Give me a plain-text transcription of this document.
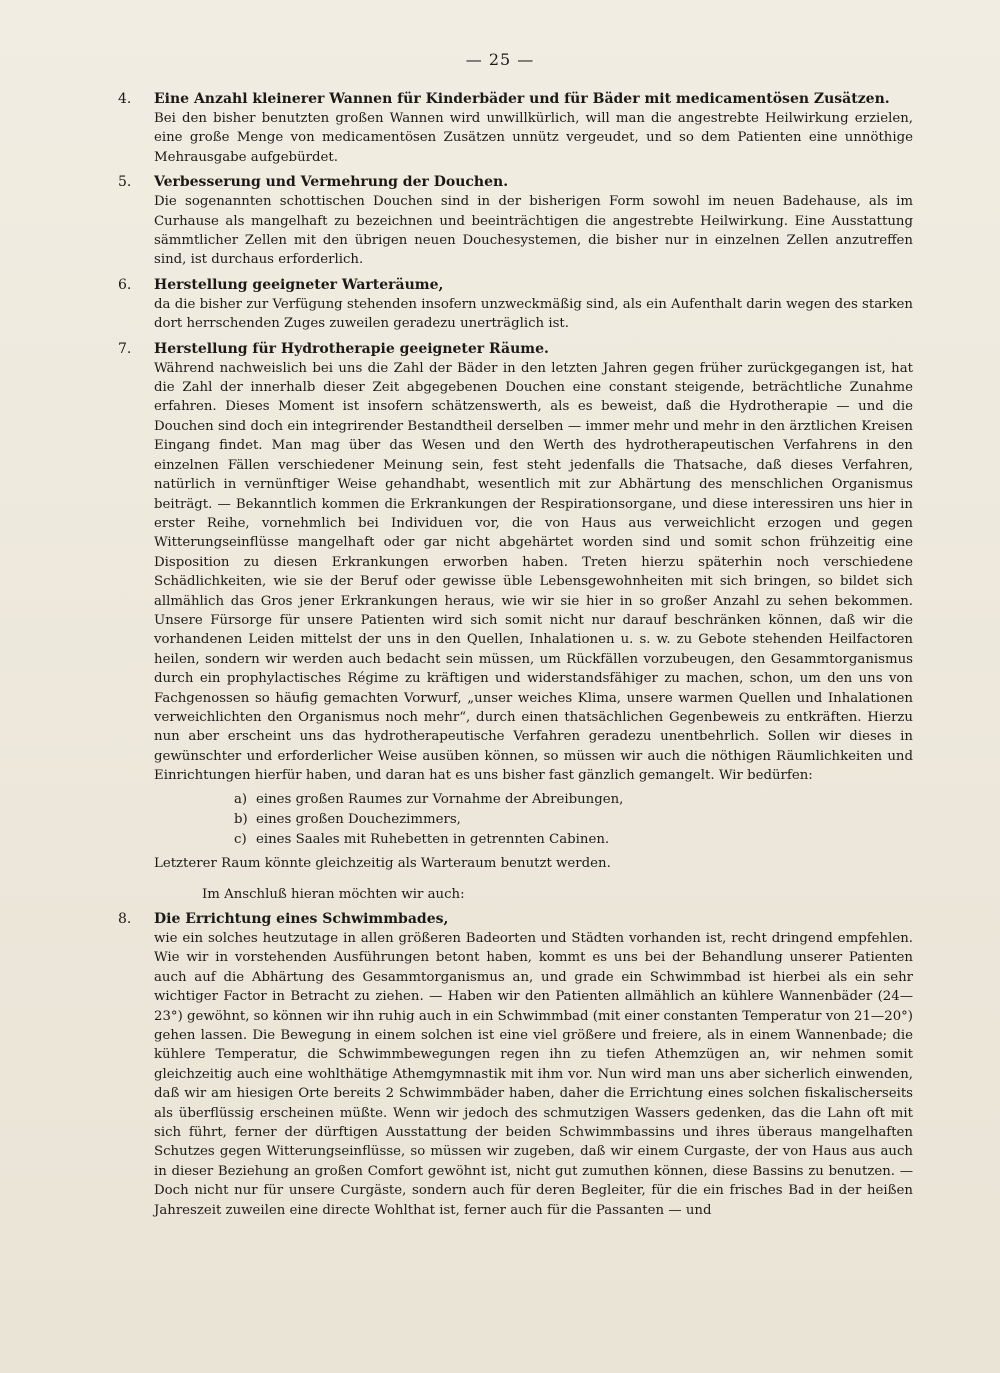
— 25 —
4.	Eine Anzahl kleinerer Wannen für Kinderbäder und für Bäder mit medicamentösen Zusätzen.

Bei den bisher benutzten großen Wannen wird unwillkürlich, will man die angestrebte Heilwirkung erzielen, eine große Menge von medicamentösen Zusätzen unnütz vergeudet, und so dem Patienten eine unnöthige Mehrausgabe aufgebürdet.

5.	Verbesserung und Vermehrung der Douchen.

Die sogenannten schottischen Douchen sind in der bisherigen Form sowohl im neuen Badehause, als im Curhause als mangelhaft zu bezeichnen und beeinträchtigen die angestrebte Heilwirkung. Eine Ausstattung sämmtlicher Zellen mit den übrigen neuen Douchesystemen, die bisher nur in einzelnen Zellen anzutreffen sind, ist durchaus erforderlich.

6.	Herstellung geeigneter Warteräume,

da die bisher zur Verfügung stehenden insofern unzweckmäßig sind, als ein Aufenthalt darin wegen des starken dort herrschenden Zuges zuweilen geradezu unerträglich ist.

7.	Herstellung für Hydrotherapie geeigneter Räume.

Während nachweislich bei uns die Zahl der Bäder in den letzten Jahren gegen früher zurückgegangen ist, hat die Zahl der innerhalb dieser Zeit abgegebenen Douchen eine constant steigende, beträchtliche Zunahme erfahren. Dieses Moment ist insofern schätzenswerth, als es beweist, daß die Hydrotherapie — und die Douchen sind doch ein integrirender Bestandtheil derselben — immer mehr und mehr in den ärztlichen Kreisen Eingang findet. Man mag über das Wesen und den Werth des hydrotherapeutischen Verfahrens in den einzelnen Fällen verschiedener Meinung sein, fest steht jedenfalls die Thatsache, daß dieses Verfahren, natürlich in vernünftiger Weise gehandhabt, wesentlich mit zur Abhärtung des menschlichen Organismus beiträgt. — Bekanntlich kommen die Erkrankungen der Respirationsorgane, und diese interessiren uns hier in erster Reihe, vornehmlich bei Individuen vor, die von Haus aus verweichlicht erzogen und gegen Witterungseinflüsse mangelhaft oder gar nicht abgehärtet worden sind und somit schon frühzeitig eine Disposition zu diesen Erkrankungen erworben haben. Treten hierzu späterhin noch verschiedene Schädlichkeiten, wie sie der Beruf oder gewisse üble Lebensgewohnheiten mit sich bringen, so bildet sich allmählich das Gros jener Erkrankungen heraus, wie wir sie hier in so großer Anzahl zu sehen bekommen. Unsere Fürsorge für unsere Patienten wird sich somit nicht nur darauf beschränken können, daß wir die vorhandenen Leiden mittelst der uns in den Quellen, Inhalationen u. s. w. zu Gebote stehenden Heilfactoren heilen, sondern wir werden auch bedacht sein müssen, um Rückfällen vorzubeugen, den Gesammtorganismus durch ein prophylactisches Régime zu kräftigen und widerstandsfähiger zu machen, schon, um den uns von Fachgenossen so häufig gemachten Vorwurf, „unser weiches Klima, unsere warmen Quellen und Inhalationen verweichlichten den Organismus noch mehr“, durch einen thatsächlichen Gegenbeweis zu entkräften. Hierzu nun aber erscheint uns das hydrotherapeutische Verfahren geradezu unentbehrlich. Sollen wir dieses in gewünschter und erforderlicher Weise ausüben können, so müssen wir auch die nöthigen Räumlichkeiten und Einrichtungen hierfür haben, und daran hat es uns bisher fast gänzlich gemangelt. Wir bedürfen:

a) eines großen Raumes zur Vornahme der Abreibungen,
b) eines großen Douchezimmers,
c) eines Saales mit Ruhebetten in getrennten Cabinen.

Letzterer Raum könnte gleichzeitig als Warteraum benutzt werden.

Im Anschluß hieran möchten wir auch:
8.	Die Errichtung eines Schwimmbades,

wie ein solches heutzutage in allen größeren Badeorten und Städten vorhanden ist, recht dringend empfehlen. Wie wir in vorstehenden Ausführungen betont haben, kommt es uns bei der Behandlung unserer Patienten auch auf die Abhärtung des Gesammtorganismus an, und grade ein Schwimmbad ist hierbei als ein sehr wichtiger Factor in Betracht zu ziehen. — Haben wir den Patienten allmählich an kühlere Wannenbäder (24—23°) gewöhnt, so können wir ihn ruhig auch in ein Schwimmbad (mit einer constanten Temperatur von 21—20°) gehen lassen. Die Bewegung in einem solchen ist eine viel größere und freiere, als in einem Wannenbade; die kühlere Temperatur, die Schwimmbewegungen regen ihn zu tiefen Athemzügen an, wir nehmen somit gleichzeitig auch eine wohlthätige Athemgymnastik mit ihm vor. Nun wird man uns aber sicherlich einwenden, daß wir am hiesigen Orte bereits 2 Schwimmbäder haben, daher die Errichtung eines solchen fiskalischerseits als überflüssig erscheinen müßte. Wenn wir jedoch des schmutzigen Wassers gedenken, das die Lahn oft mit sich führt, ferner der dürftigen Ausstattung der beiden Schwimmbassins und ihres überaus mangelhaften Schutzes gegen Witterungseinflüsse, so müssen wir zugeben, daß wir einem Curgaste, der von Haus aus auch in dieser Beziehung an großen Comfort gewöhnt ist, nicht gut zumuthen können, diese Bassins zu benutzen. — Doch nicht nur für unsere Curgäste, sondern auch für deren Begleiter, für die ein frisches Bad in der heißen Jahreszeit zuweilen eine directe Wohlthat ist, ferner auch für die Passanten — und
